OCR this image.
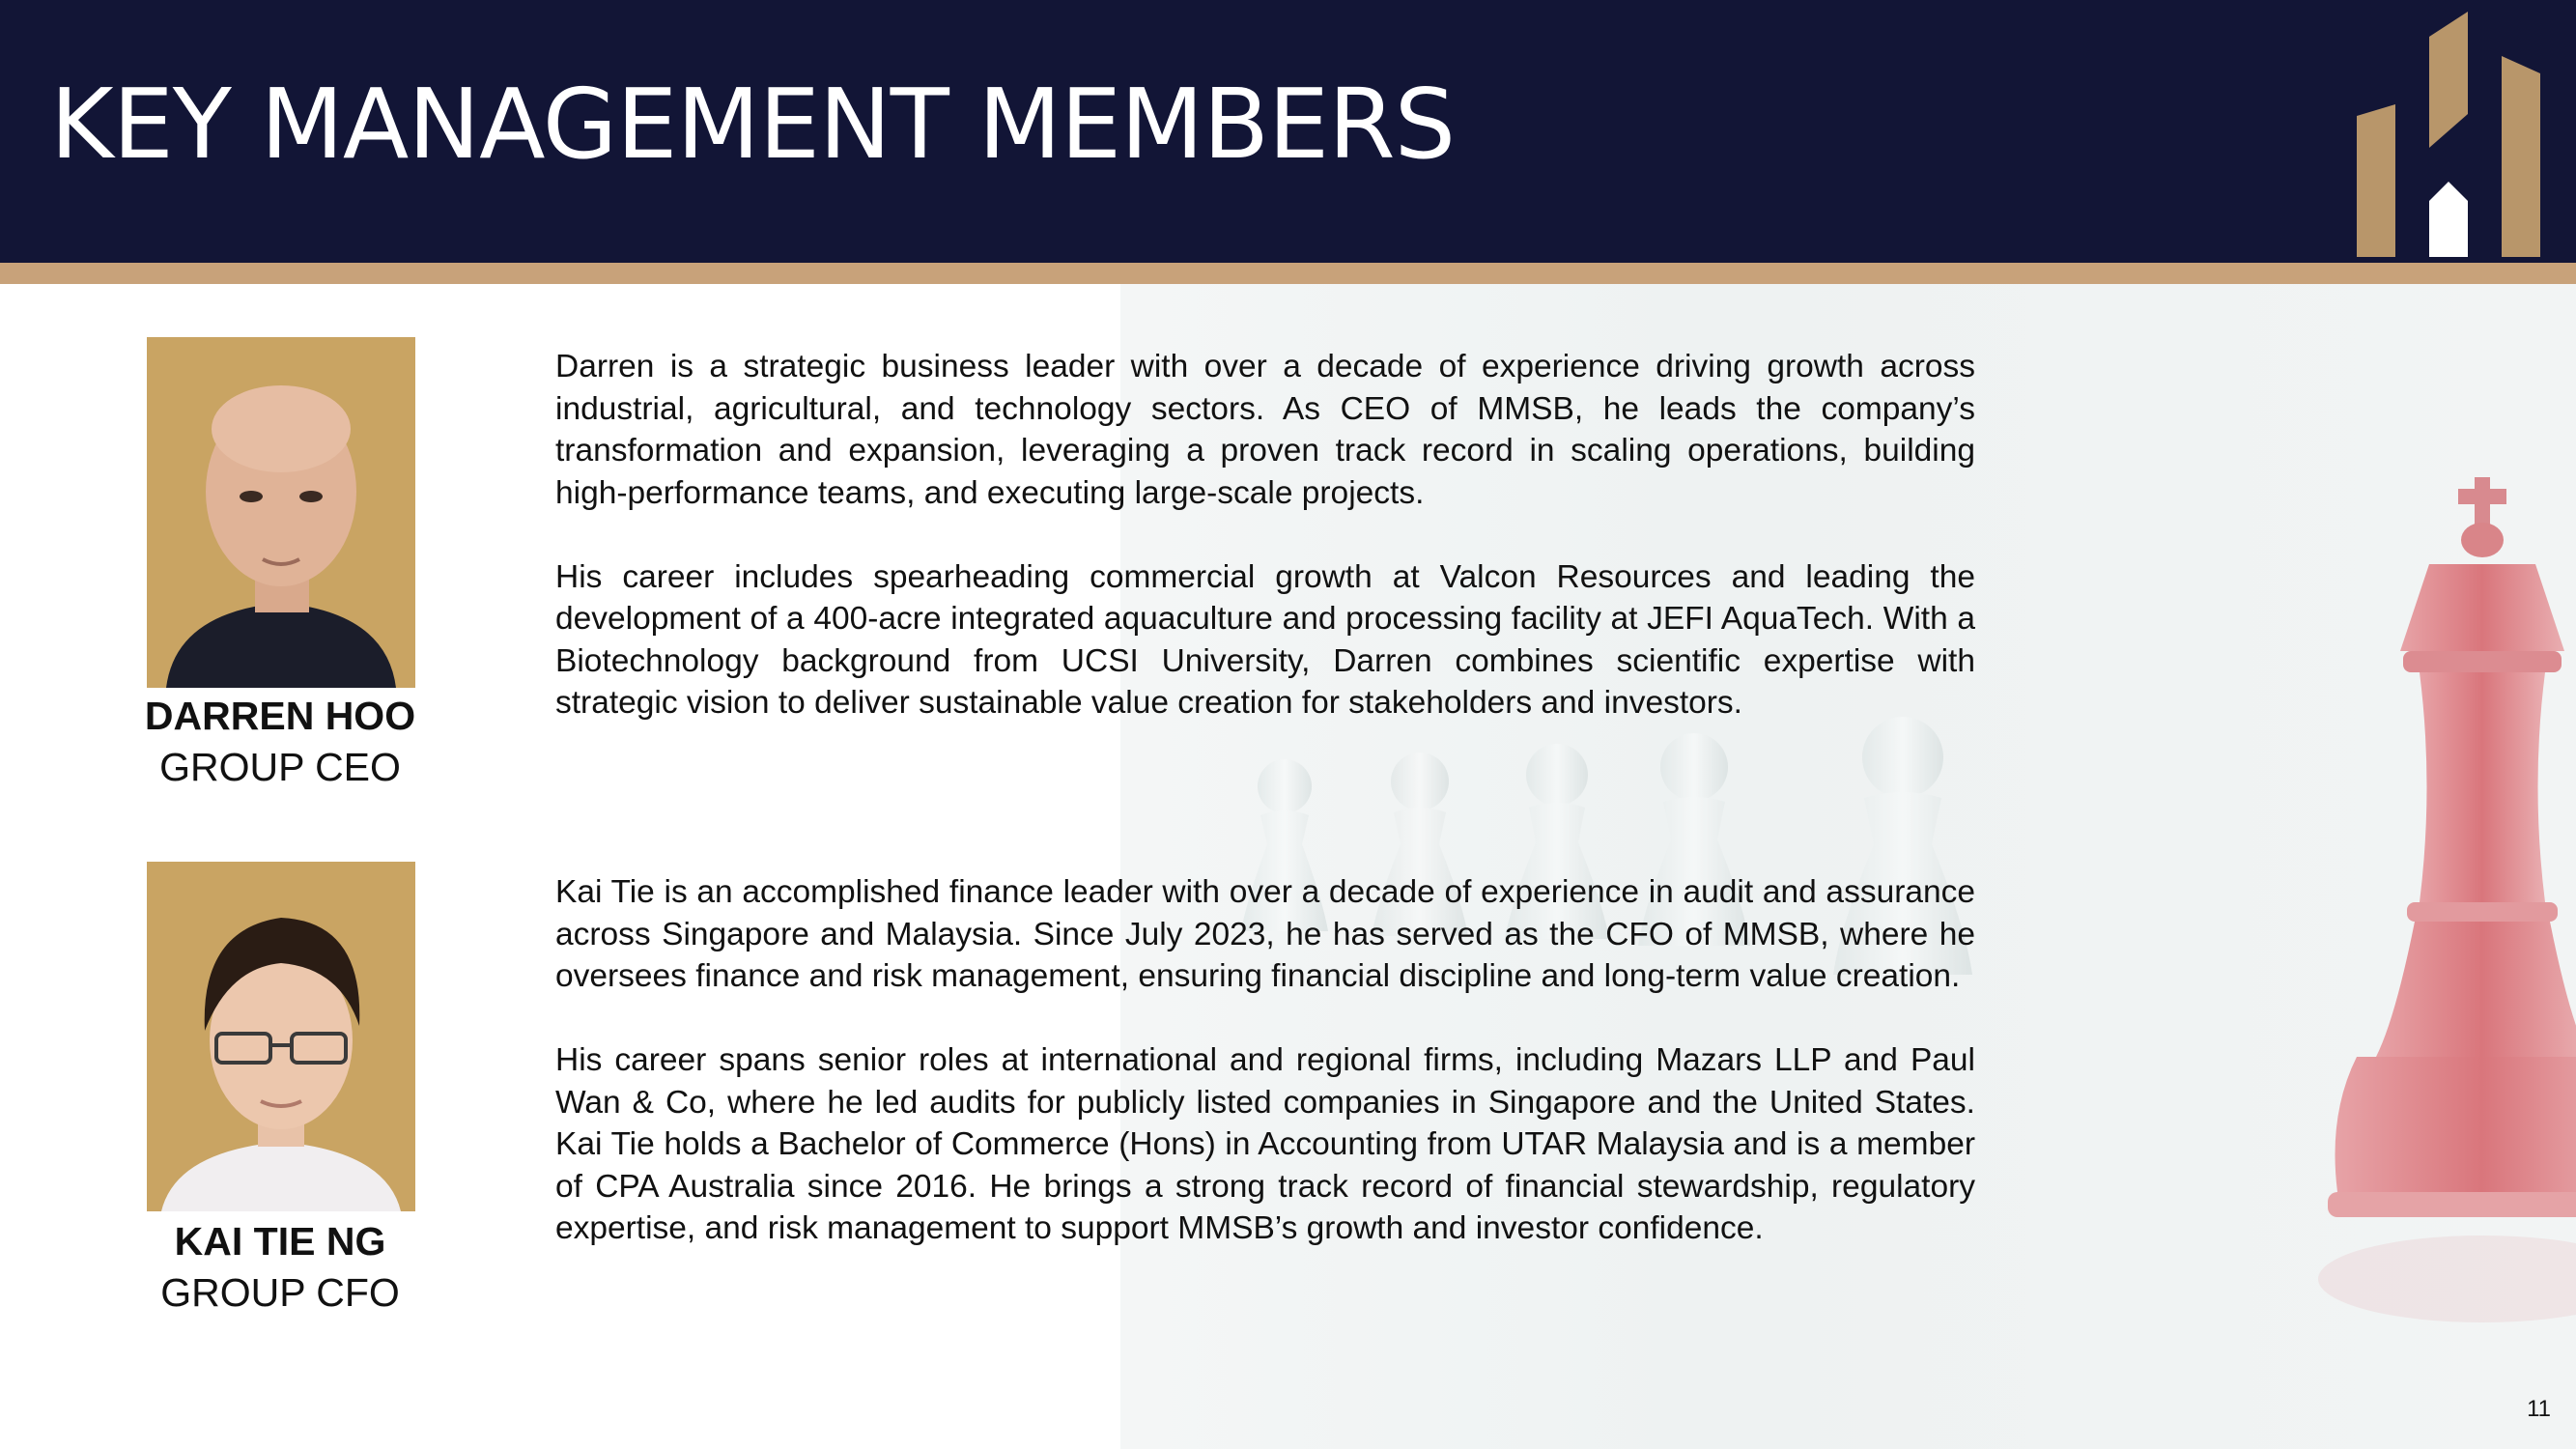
KEY MANAGEMENT MEMBERS
DARREN HOO
GROUP CEO

Darren is a strategic business leader with over a decade of experience driving growth across industrial, agricultural, and technology sectors. As CEO of MMSB, he leads the company’s transformation and expansion, leveraging a proven track record in scaling operations, building high-performance teams, and executing large-scale projects.

His career includes spearheading commercial growth at Valcon Resources and leading the development of a 400-acre integrated aquaculture and processing facility at JEFI AquaTech. With a Biotechnology background from UCSI University, Darren combines scientific expertise with strategic vision to deliver sustainable value creation for stakeholders and investors.

KAI TIE NG
GROUP CFO

Kai Tie is an accomplished finance leader with over a decade of experience in audit and assurance across Singapore and Malaysia. Since July 2023, he has served as the CFO of MMSB, where he oversees finance and risk management, ensuring financial discipline and long-term value creation.

His career spans senior roles at international and regional firms, including Mazars LLP and Paul Wan & Co, where he led audits for publicly listed companies in Singapore and the United States. Kai Tie holds a Bachelor of Commerce (Hons) in Accounting from UTAR Malaysia and is a member of CPA Australia since 2016. He brings a strong track record of financial stewardship, regulatory expertise, and risk management to support MMSB’s growth and investor confidence.

11
